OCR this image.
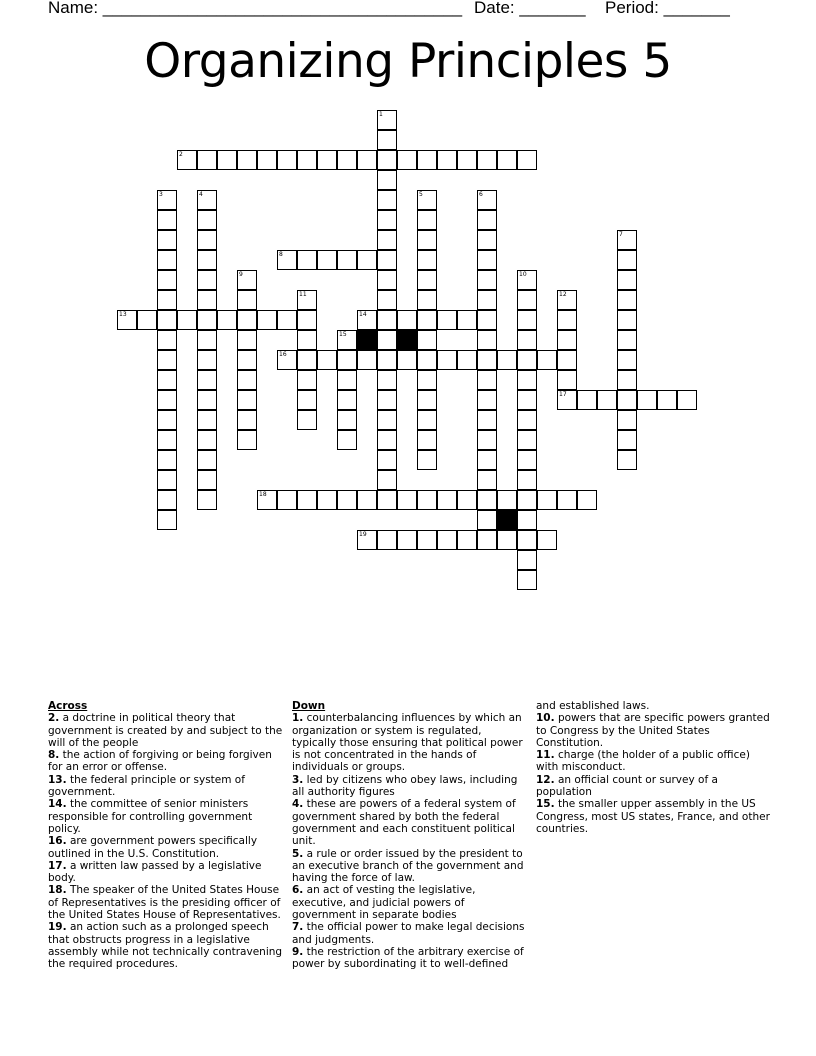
Name: ______________________________________

Date: _______

Period: _______

Organizing Principles 5
1
2
3	4	5	6
7
8
9	10
11	12
13	14
15
16
17
18
19
Across
2. a doctrine in political theory that government is created by and subject to the will of the people
8. the action of forgiving or being forgiven for an error or offense.
13. the federal principle or system of government.
14. the committee of senior ministers responsible for controlling government policy.
16. are government powers specifically outlined in the U.S. Constitution.
17. a written law passed by a legislative body.
18. The speaker of the United States House of Representatives is the presiding officer of the United States House of Representatives.
19. an action such as a prolonged speech that obstructs progress in a legislative assembly while not technically contravening the required procedures.
Down
1. counterbalancing influences by which an organization or system is regulated, typically those ensuring that political power is not concentrated in the hands of individuals or groups.
3. led by citizens who obey laws, including all authority figures
4. these are powers of a federal system of government shared by both the federal government and each constituent political unit.
5. a rule or order issued by the president to an executive branch of the government and having the force of law.
6. an act of vesting the legislative, executive, and judicial powers of government in separate bodies
7. the official power to make legal decisions and judgments.
9. the restriction of the arbitrary exercise of power by subordinating it to well-defined and established laws.
10. powers that are specific powers granted to Congress by the United States Constitution.
11. charge (the holder of a public office) with misconduct.
12. an official count or survey of a population
15. the smaller upper assembly in the US Congress, most US states, France, and other countries.
